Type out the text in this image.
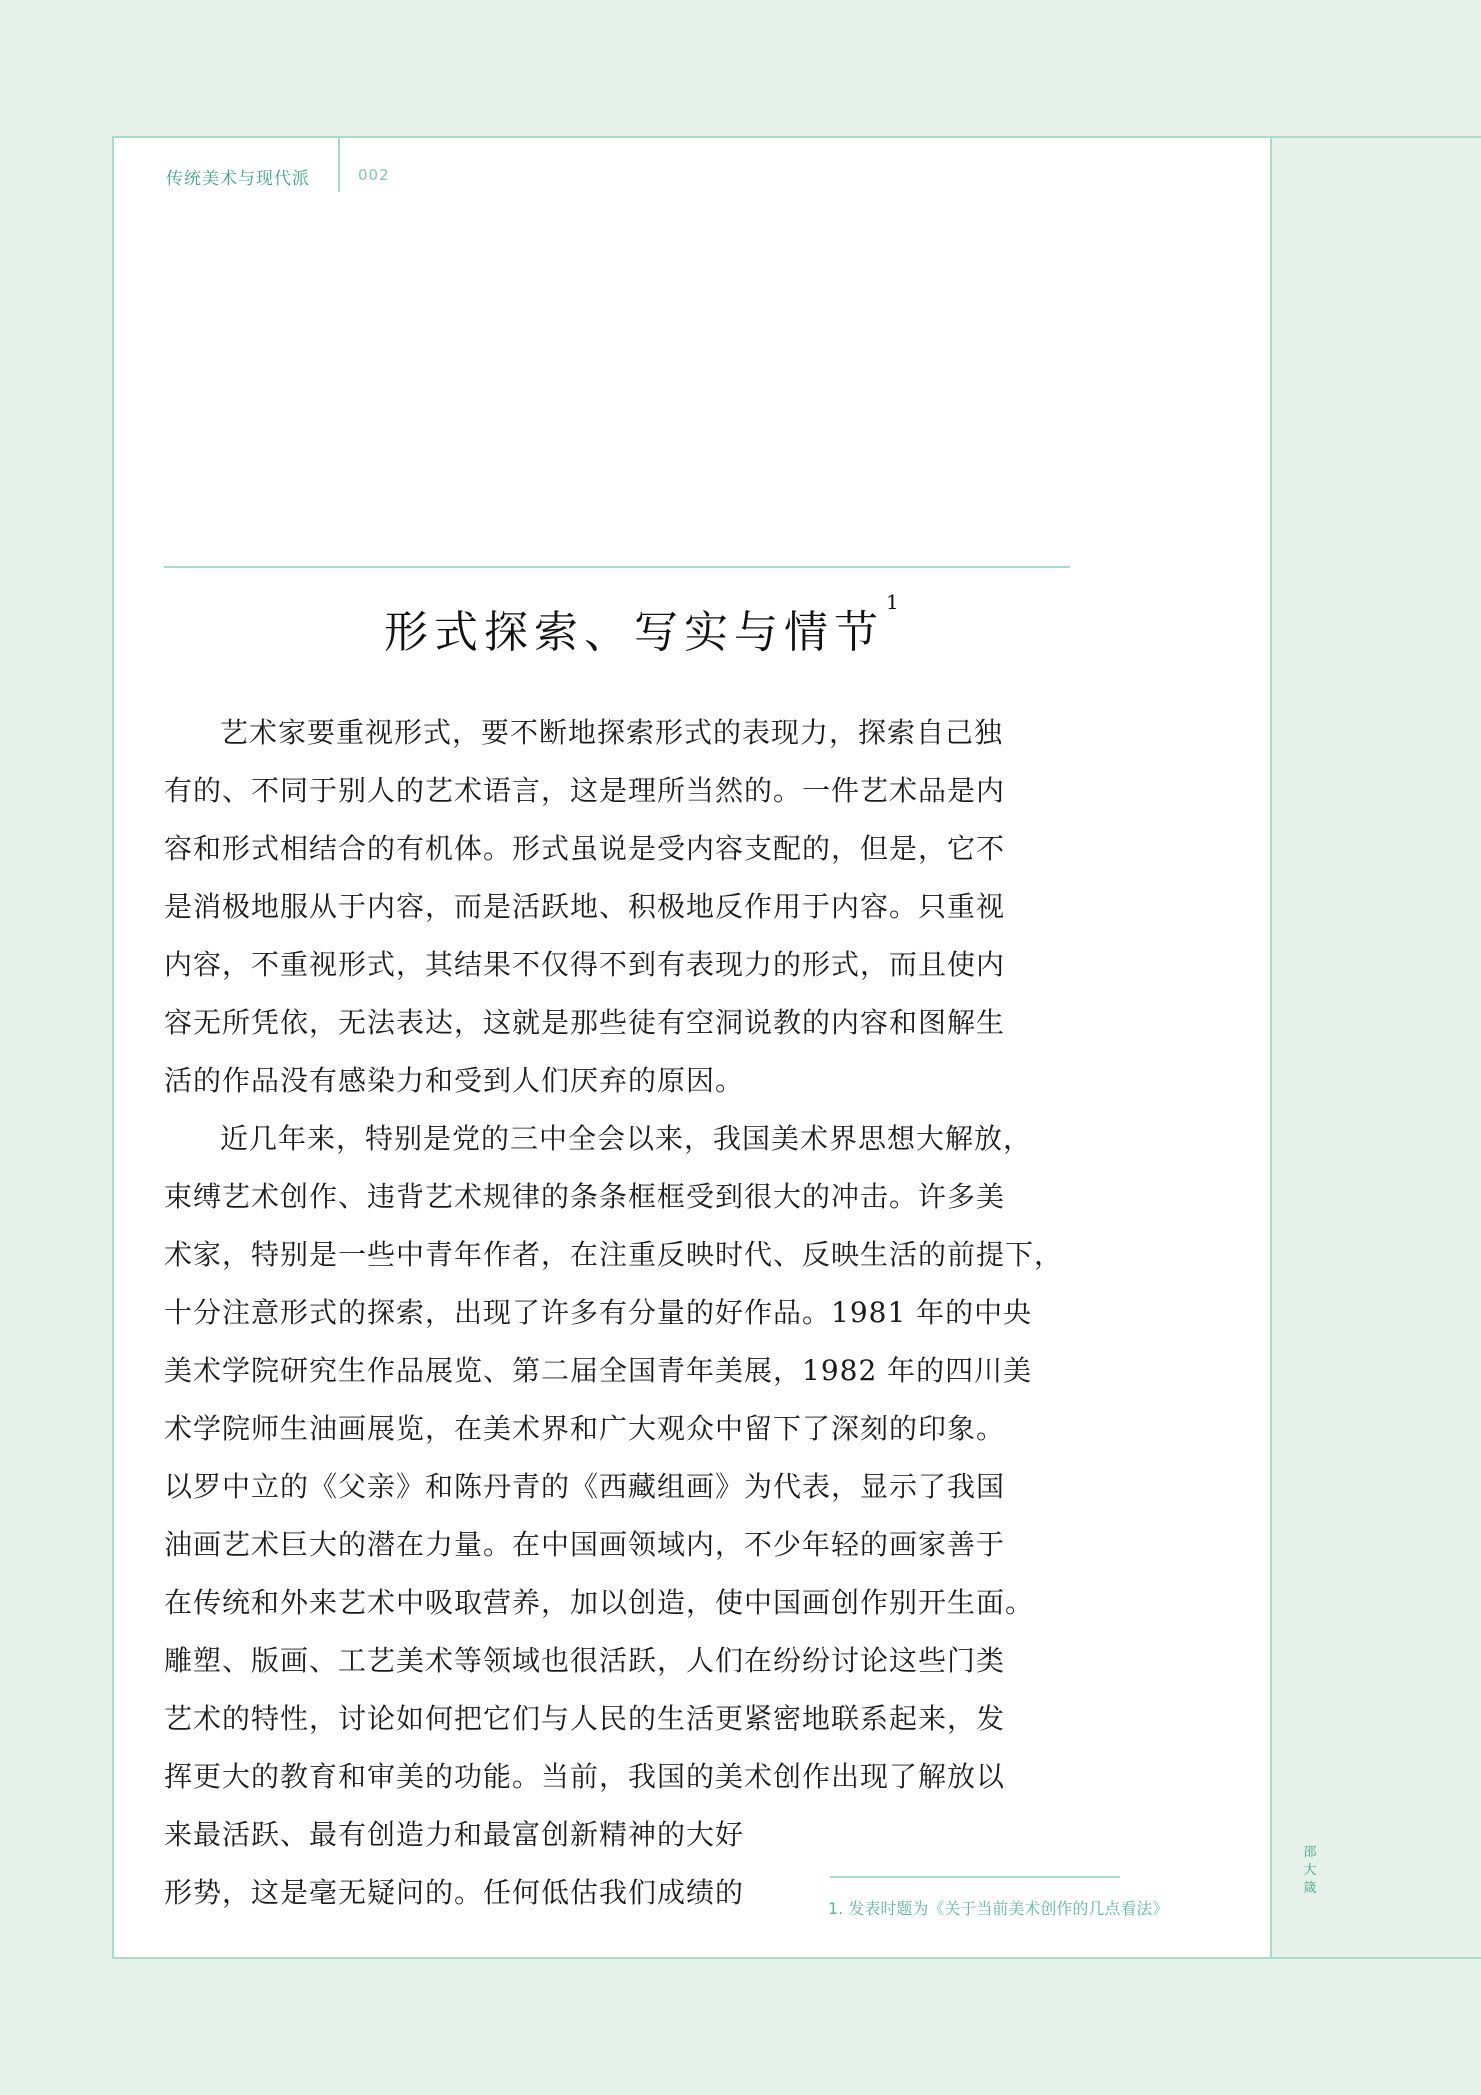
传统美术与现代派	002
形式探索、写实与情节$^1$
艺术家要重视形式，要不断地探索形式的表现力，探索自己独
有的、不同于别人的艺术语言，这是理所当然的。一件艺术品是内
容和形式相结合的有机体。形式虽说是受内容支配的，但是，它不
是消极地服从于内容，而是活跃地、积极地反作用于内容。只重视
内容，不重视形式，其结果不仅得不到有表现力的形式，而且使内
容无所凭依，无法表达，这就是那些徒有空洞说教的内容和图解生
活的作品没有感染力和受到人们厌弃的原因。
近几年来，特别是党的三中全会以来，我国美术界思想大解放，
束缚艺术创作、违背艺术规律的条条框框受到很大的冲击。许多美
术家，特别是一些中青年作者，在注重反映时代、反映生活的前提下，
十分注意形式的探索，出现了许多有分量的好作品。1981 年的中央
美术学院研究生作品展览、第二届全国青年美展，1982 年的四川美
术学院师生油画展览，在美术界和广大观众中留下了深刻的印象。
以罗中立的《父亲》和陈丹青的《西藏组画》为代表，显示了我国
油画艺术巨大的潜在力量。在中国画领域内，不少年轻的画家善于
在传统和外来艺术中吸取营养，加以创造，使中国画创作别开生面。
雕塑、版画、工艺美术等领域也很活跃，人们在纷纷讨论这些门类
艺术的特性，讨论如何把它们与人民的生活更紧密地联系起来，发
挥更大的教育和审美的功能。当前，我国的美术创作出现了解放以
来最活跃、最有创造力和最富创新精神的大好
形势，这是毫无疑问的。任何低估我们成绩的	1. 发表时题为《关于当前美术创作的几点看法》
邵大箴
